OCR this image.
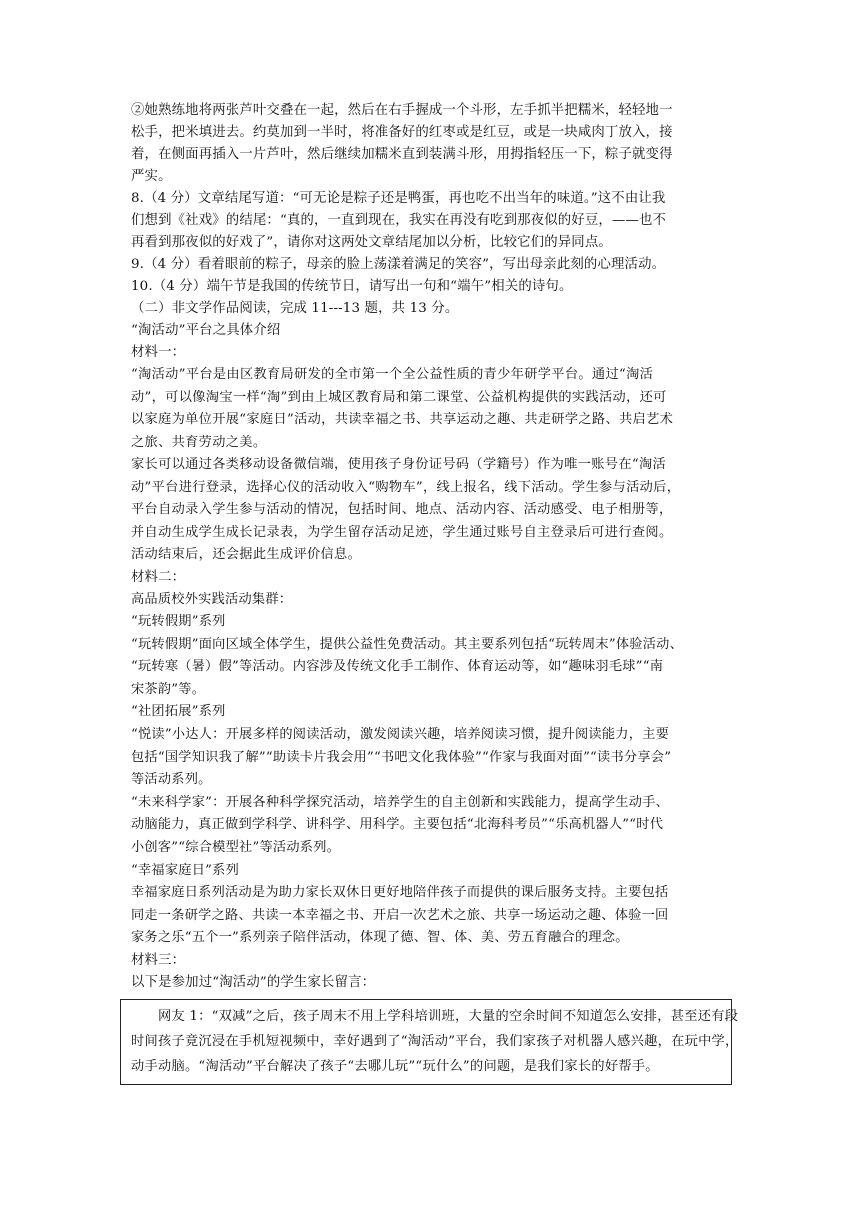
②她熟练地将两张芦叶交叠在一起，然后在右手握成一个斗形，左手抓半把糯米，轻轻地一
松手，把米填进去。约莫加到一半时，将准备好的红枣或是红豆，或是一块咸肉丁放入，接
着，在侧面再插入一片芦叶，然后继续加糯米直到装满斗形，用拇指轻压一下，粽子就变得
严实。
8.（4 分）文章结尾写道：“可无论是粽子还是鸭蛋，再也吃不出当年的味道。”这不由让我
们想到《社戏》的结尾：“真的，一直到现在，我实在再没有吃到那夜似的好豆，——也不
再看到那夜似的好戏了”，请你对这两处文章结尾加以分析，比较它们的异同点。
9.（4 分）看着眼前的粽子，母亲的脸上荡漾着满足的笑容”，写出母亲此刻的心理活动。
10.（4 分）端午节是我国的传统节日，请写出一句和“端午”相关的诗句。
（二）非文学作品阅读，完成 11---13 题，共 13 分。
“淘活动”平台之具体介绍
材料一：
“淘活动”平台是由区教育局研发的全市第一个全公益性质的青少年研学平台。通过“淘活
动”，可以像淘宝一样“淘”到由上城区教育局和第二课堂、公益机构提供的实践活动，还可
以家庭为单位开展“家庭日”活动，共读幸福之书、共享运动之趣、共走研学之路、共启艺术
之旅、共育劳动之美。
家长可以通过各类移动设备微信端，使用孩子身份证号码（学籍号）作为唯一账号在“淘活
动”平台进行登录，选择心仪的活动收入“购物车”，线上报名，线下活动。学生参与活动后，
平台自动录入学生参与活动的情况，包括时间、地点、活动内容、活动感受、电子相册等，
并自动生成学生成长记录表，为学生留存活动足迹，学生通过账号自主登录后可进行查阅。
活动结束后，还会据此生成评价信息。
材料二：
高品质校外实践活动集群：
“玩转假期”系列
“玩转假期”面向区域全体学生，提供公益性免费活动。其主要系列包括“玩转周末”体验活动、
“玩转寒（暑）假”等活动。内容涉及传统文化手工制作、体育运动等，如“趣味羽毛球”“南
宋茶韵”等。
“社团拓展”系列
“悦读”小达人：开展多样的阅读活动，激发阅读兴趣，培养阅读习惯，提升阅读能力，主要
包括“国学知识我了解”“助读卡片我会用”“书吧文化我体验”“作家与我面对面”“读书分享会”
等活动系列。
“未来科学家”：开展各种科学探究活动，培养学生的自主创新和实践能力，提高学生动手、
动脑能力，真正做到学科学、讲科学、用科学。主要包括“北海科考员”“乐高机器人”“时代
小创客”“综合模型社”等活动系列。
“幸福家庭日”系列
幸福家庭日系列活动是为助力家长双休日更好地陪伴孩子而提供的课后服务支持。主要包括
同走一条研学之路、共读一本幸福之书、开启一次艺术之旅、共享一场运动之趣、体验一回
家务之乐“五个一”系列亲子陪伴活动，体现了德、智、体、美、劳五育融合的理念。
材料三：
以下是参加过“淘活动”的学生家长留言：
　　网友 1：“双减”之后，孩子周末不用上学科培训班，大量的空余时间不知道怎么安排，甚至还有段
时间孩子竟沉浸在手机短视频中，幸好遇到了“淘活动”平台，我们家孩子对机器人感兴趣，在玩中学，
动手动脑。“淘活动”平台解决了孩子“去哪儿玩”“玩什么”的问题，是我们家长的好帮手。
